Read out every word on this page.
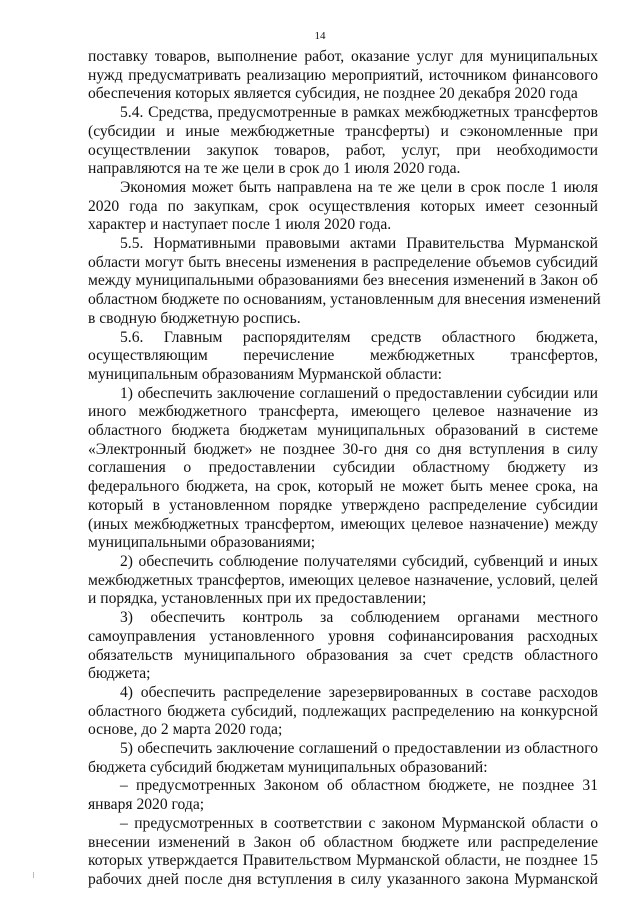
14
поставку товаров, выполнение работ, оказание услуг для муниципальных
нужд предусматривать реализацию мероприятий, источником финансового
обеспечения которых является субсидия, не позднее 20 декабря 2020 года
5.4. Средства, предусмотренные в рамках межбюджетных трансфертов
(субсидии и иные межбюджетные трансферты) и сэкономленные при
осуществлении закупок товаров, работ, услуг, при необходимости
направляются на те же цели в срок до 1 июля 2020 года.
Экономия может быть направлена на те же цели в срок после 1 июля
2020 года по закупкам, срок осуществления которых имеет сезонный
характер и наступает после 1 июля 2020 года.
5.5. Нормативными правовыми актами Правительства Мурманской
области могут быть внесены изменения в распределение объемов субсидий
между муниципальными образованиями без внесения изменений в Закон об
областном бюджете по основаниям, установленным для внесения изменений
в сводную бюджетную роспись.
5.6. Главным распорядителям средств областного бюджета,
осуществляющим перечисление межбюджетных трансфертов,
муниципальным образованиям Мурманской области:
1) обеспечить заключение соглашений о предоставлении субсидии или
иного межбюджетного трансферта, имеющего целевое назначение из
областного бюджета бюджетам муниципальных образований в системе
«Электронный бюджет» не позднее 30-го дня со дня вступления в силу
соглашения о предоставлении субсидии областному бюджету из
федерального бюджета, на срок, который не может быть менее срока, на
который в установленном порядке утверждено распределение субсидии
(иных межбюджетных трансфертом, имеющих целевое назначение) между
муниципальными образованиями;
2) обеспечить соблюдение получателями субсидий, субвенций и иных
межбюджетных трансфертов, имеющих целевое назначение, условий, целей
и порядка, установленных при их предоставлении;
3) обеспечить контроль за соблюдением органами местного
самоуправления установленного уровня софинансирования расходных
обязательств муниципального образования за счет средств областного
бюджета;
4) обеспечить распределение зарезервированных в составе расходов
областного бюджета субсидий, подлежащих распределению на конкурсной
основе, до 2 марта 2020 года;
5) обеспечить заключение соглашений о предоставлении из областного
бюджета субсидий бюджетам муниципальных образований:
– предусмотренных Законом об областном бюджете, не позднее 31
января 2020 года;
– предусмотренных в соответствии с законом Мурманской области о
внесении изменений в Закон об областном бюджете или распределение
которых утверждается Правительством Мурманской области, не позднее 15
рабочих дней после дня вступления в силу указанного закона Мурманской
